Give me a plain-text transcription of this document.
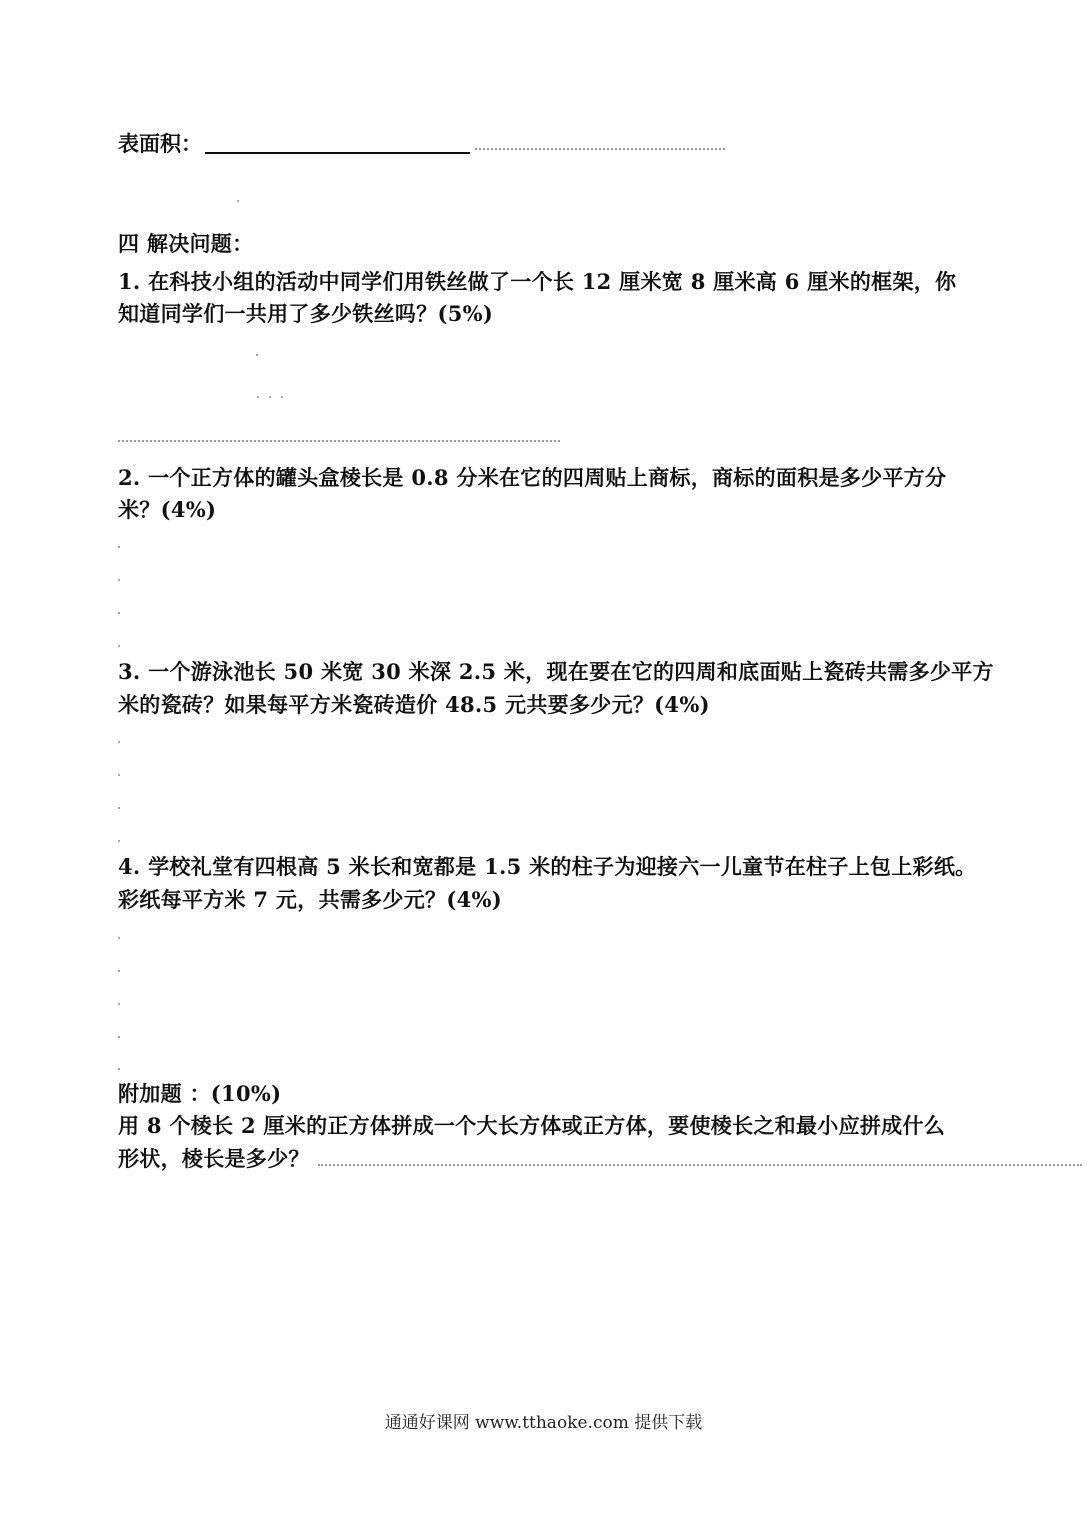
表面积：
四 解决问题：
1. 在科技小组的活动中同学们用铁丝做了一个长 12 厘米宽 8 厘米高 6 厘米的框架，你
知道同学们一共用了多少铁丝吗？(5%)
2. 一个正方体的罐头盒棱长是 0.8 分米在它的四周贴上商标，商标的面积是多少平方分
米？(4%)
3. 一个游泳池长 50 米宽 30 米深 2.5 米，现在要在它的四周和底面贴上瓷砖共需多少平方
米的瓷砖？如果每平方米瓷砖造价 48.5 元共要多少元？(4%)
4. 学校礼堂有四根高 5 米长和宽都是 1.5 米的柱子为迎接六一儿童节在柱子上包上彩纸。
彩纸每平方米 7 元，共需多少元？(4%)
附加题 ：(10%)
用 8 个棱长 2 厘米的正方体拼成一个大长方体或正方体，要使棱长之和最小应拼成什么
形状，棱长是多少？
通通好课网 www.tthaoke.com 提供下载
